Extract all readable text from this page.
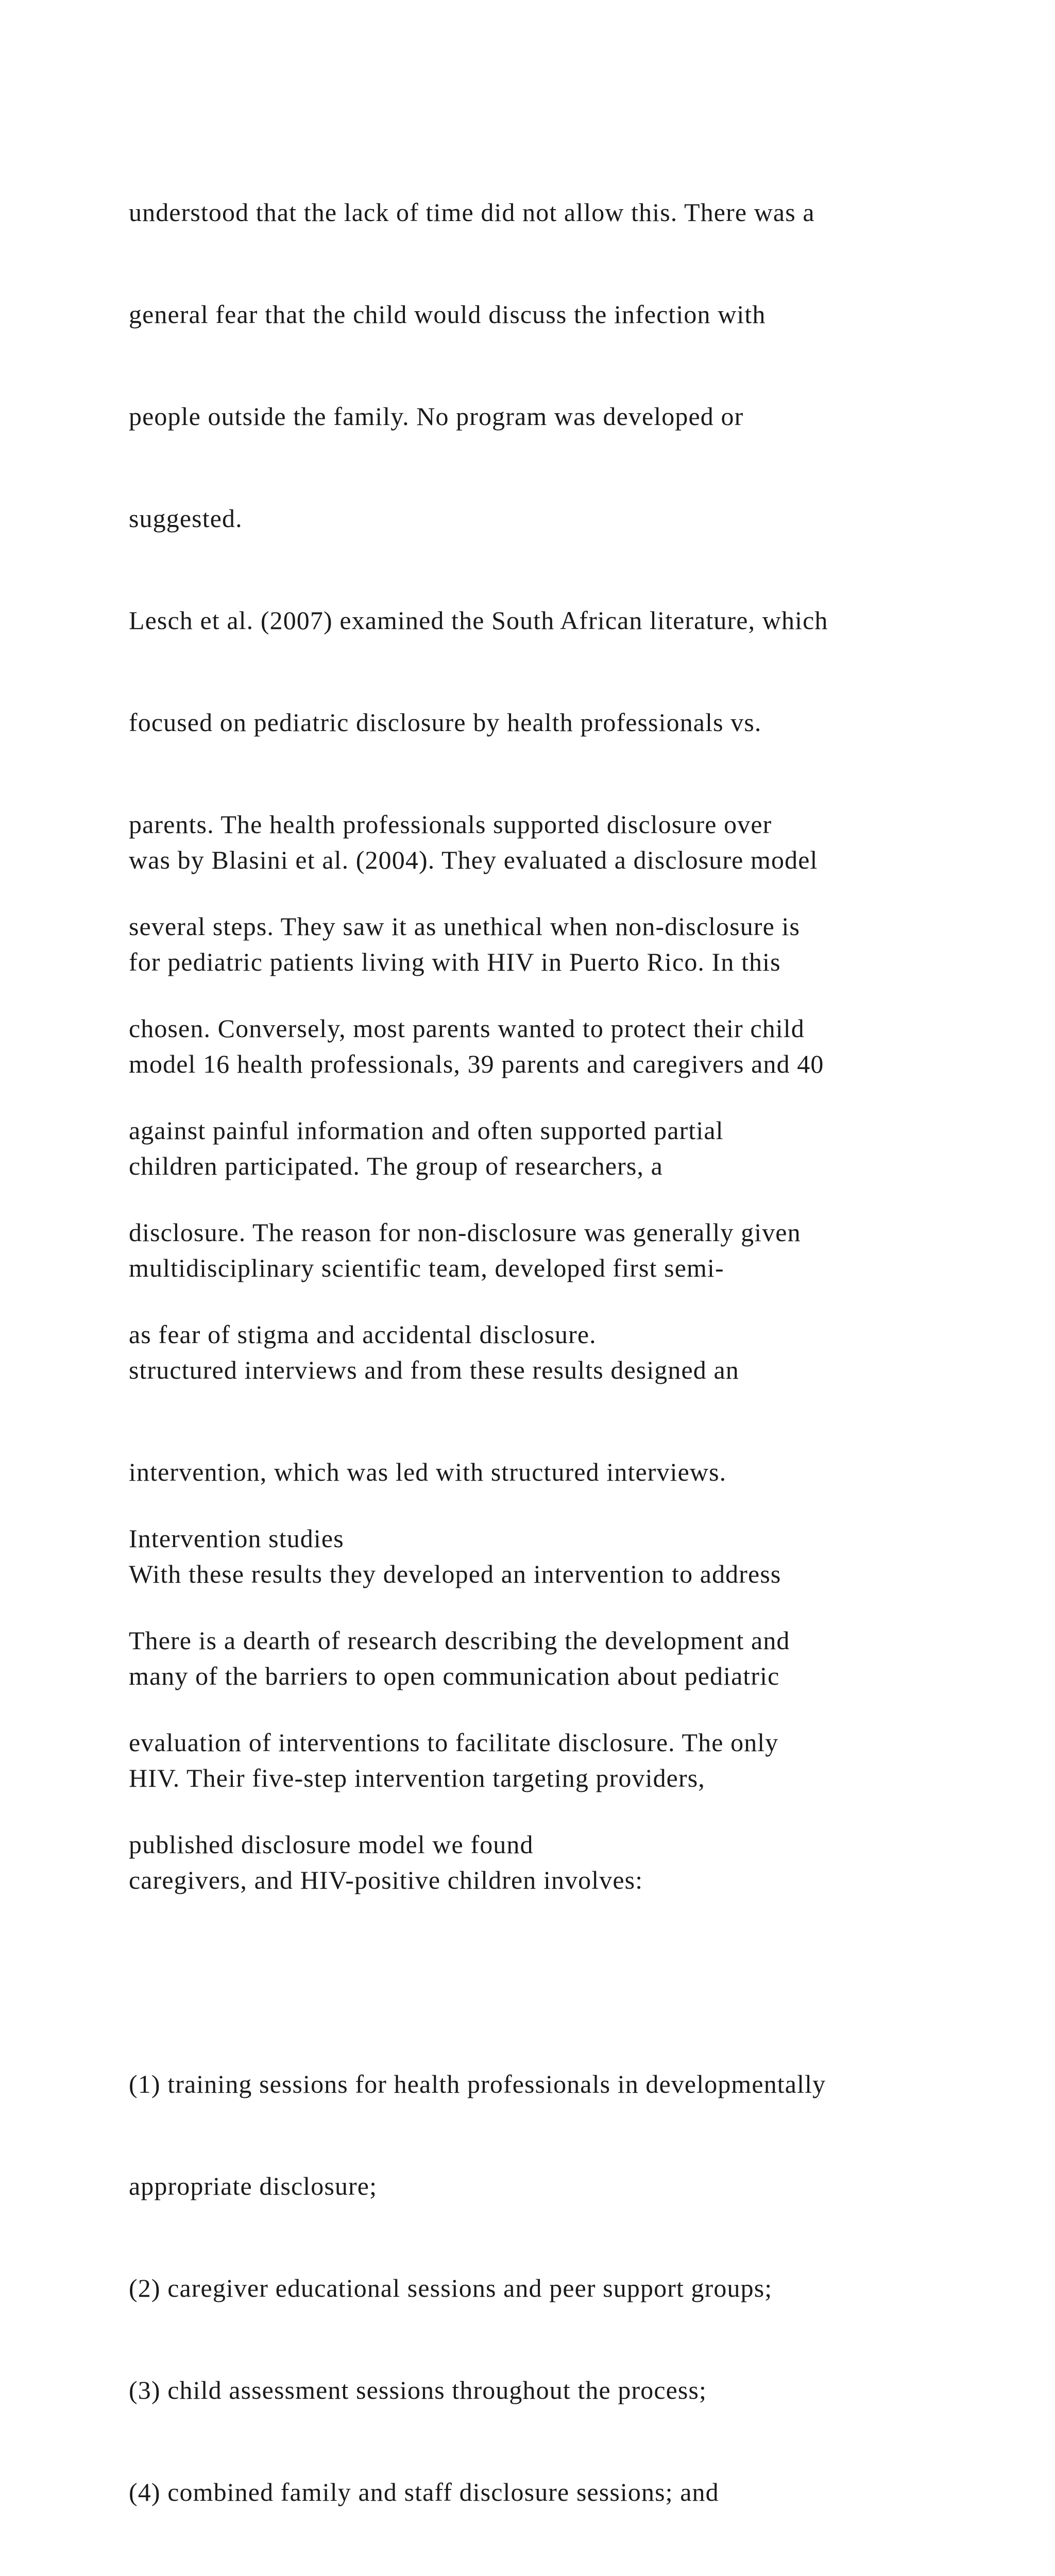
understood that the lack of time did not allow this. There was a

general fear that the child would discuss the infection with

people outside the family. No program was developed or

suggested.

Lesch et al. (2007) examined the South African literature, which

focused on pediatric disclosure by health professionals vs.

parents. The health professionals supported disclosure over

several steps. They saw it as unethical when non-disclosure is

chosen. Conversely, most parents wanted to protect their child

against painful information and often supported partial

disclosure. The reason for non-disclosure was generally given

as fear of stigma and accidental disclosure.

Intervention studies

There is a dearth of research describing the development and

evaluation of interventions to facilitate disclosure. The only

published disclosure model we found

was by Blasini et al. (2004). They evaluated a disclosure model

for pediatric patients living with HIV in Puerto Rico. In this

model 16 health professionals, 39 parents and caregivers and 40

children participated. The group of researchers, a

multidisciplinary scientific team, developed first semi-

structured interviews and from these results designed an

intervention, which was led with structured interviews.

With these results they developed an intervention to address

many of the barriers to open communication about pediatric

HIV. Their five-step intervention targeting providers,

caregivers, and HIV-positive children involves:

(1) training sessions for health professionals in developmentally

appropriate disclosure;

(2) caregiver educational sessions and peer support groups;

(3) child assessment sessions throughout the process;

(4) combined family and staff disclosure sessions; and
